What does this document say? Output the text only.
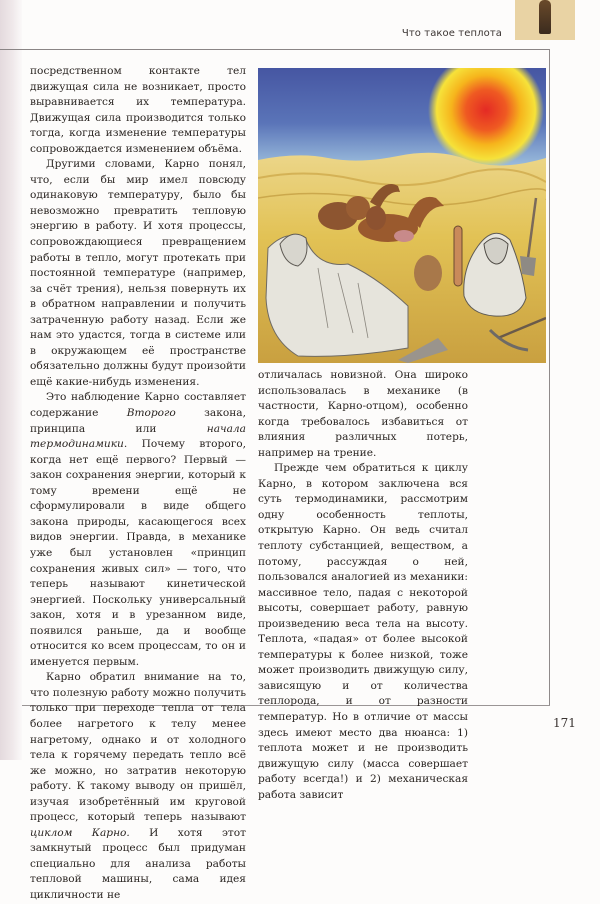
Что такое теплота

посредственном контакте тел движущая сила не возникает, просто выравнивается их температура. Движущая сила производится только тогда, когда изменение температуры сопровождается изменением объёма.

Другими словами, Карно понял, что, если бы мир имел повсюду одинаковую температуру, было бы невозможно превратить тепловую энергию в работу. И хотя процессы, сопровождающиеся превращением работы в тепло, могут протекать при постоянной температуре (например, за счёт трения), нельзя повернуть их в обратном направлении и получить затраченную работу назад. Если же нам это удастся, тогда в системе или в окружающем её пространстве обязательно должны будут произойти ещё какие-нибудь изменения.

Это наблюдение Карно составляет содержание Второго закона, принципа или начала термодинамики. Почему второго, когда нет ещё первого? Первый — закон сохранения энергии, который к тому времени ещё не сформулировали в виде общего закона природы, касающегося всех видов энергии. Правда, в механике уже был установлен «принцип сохранения живых сил» — того, что теперь называют кинетической энергией. Поскольку универсальный закон, хотя и в урезанном виде, появился раньше, да и вообще относится ко всем процессам, то он и именуется первым.

Карно обратил внимание на то, что полезную работу можно получить только при переходе тепла от тела более нагретого к телу менее нагретому, однако и от холодного тела к горячему передать тепло всё же можно, но затратив некоторую работу. К такому выводу он пришёл, изучая изобретённый им круговой процесс, который теперь называют циклом Карно. И хотя этот замкнутый процесс был придуман специально для анализа работы тепловой машины, сама идея цикличности не

отличалась новизной. Она широко использовалась в механике (в частности, Карно-отцом), особенно когда требовалось избавиться от влияния различных потерь, например на трение.

Прежде чем обратиться к циклу Карно, в котором заключена вся суть термодинамики, рассмотрим одну особенность теплоты, открытую Карно. Он ведь считал теплоту субстанцией, веществом, а потому, рассуждая о ней, пользовался аналогией из механики: массивное тело, падая с некоторой высоты, совершает работу, равную произведению веса тела на высоту. Теплота, «падая» от более высокой температуры к более низкой, тоже может производить движущую силу, зависящую и от количества теплорода, и от разности температур. Но в отличие от массы здесь имеют место два нюанса: 1) теплота может и не производить движущую силу (масса совершает работу всегда!) и 2) механическая работа зависит

171
